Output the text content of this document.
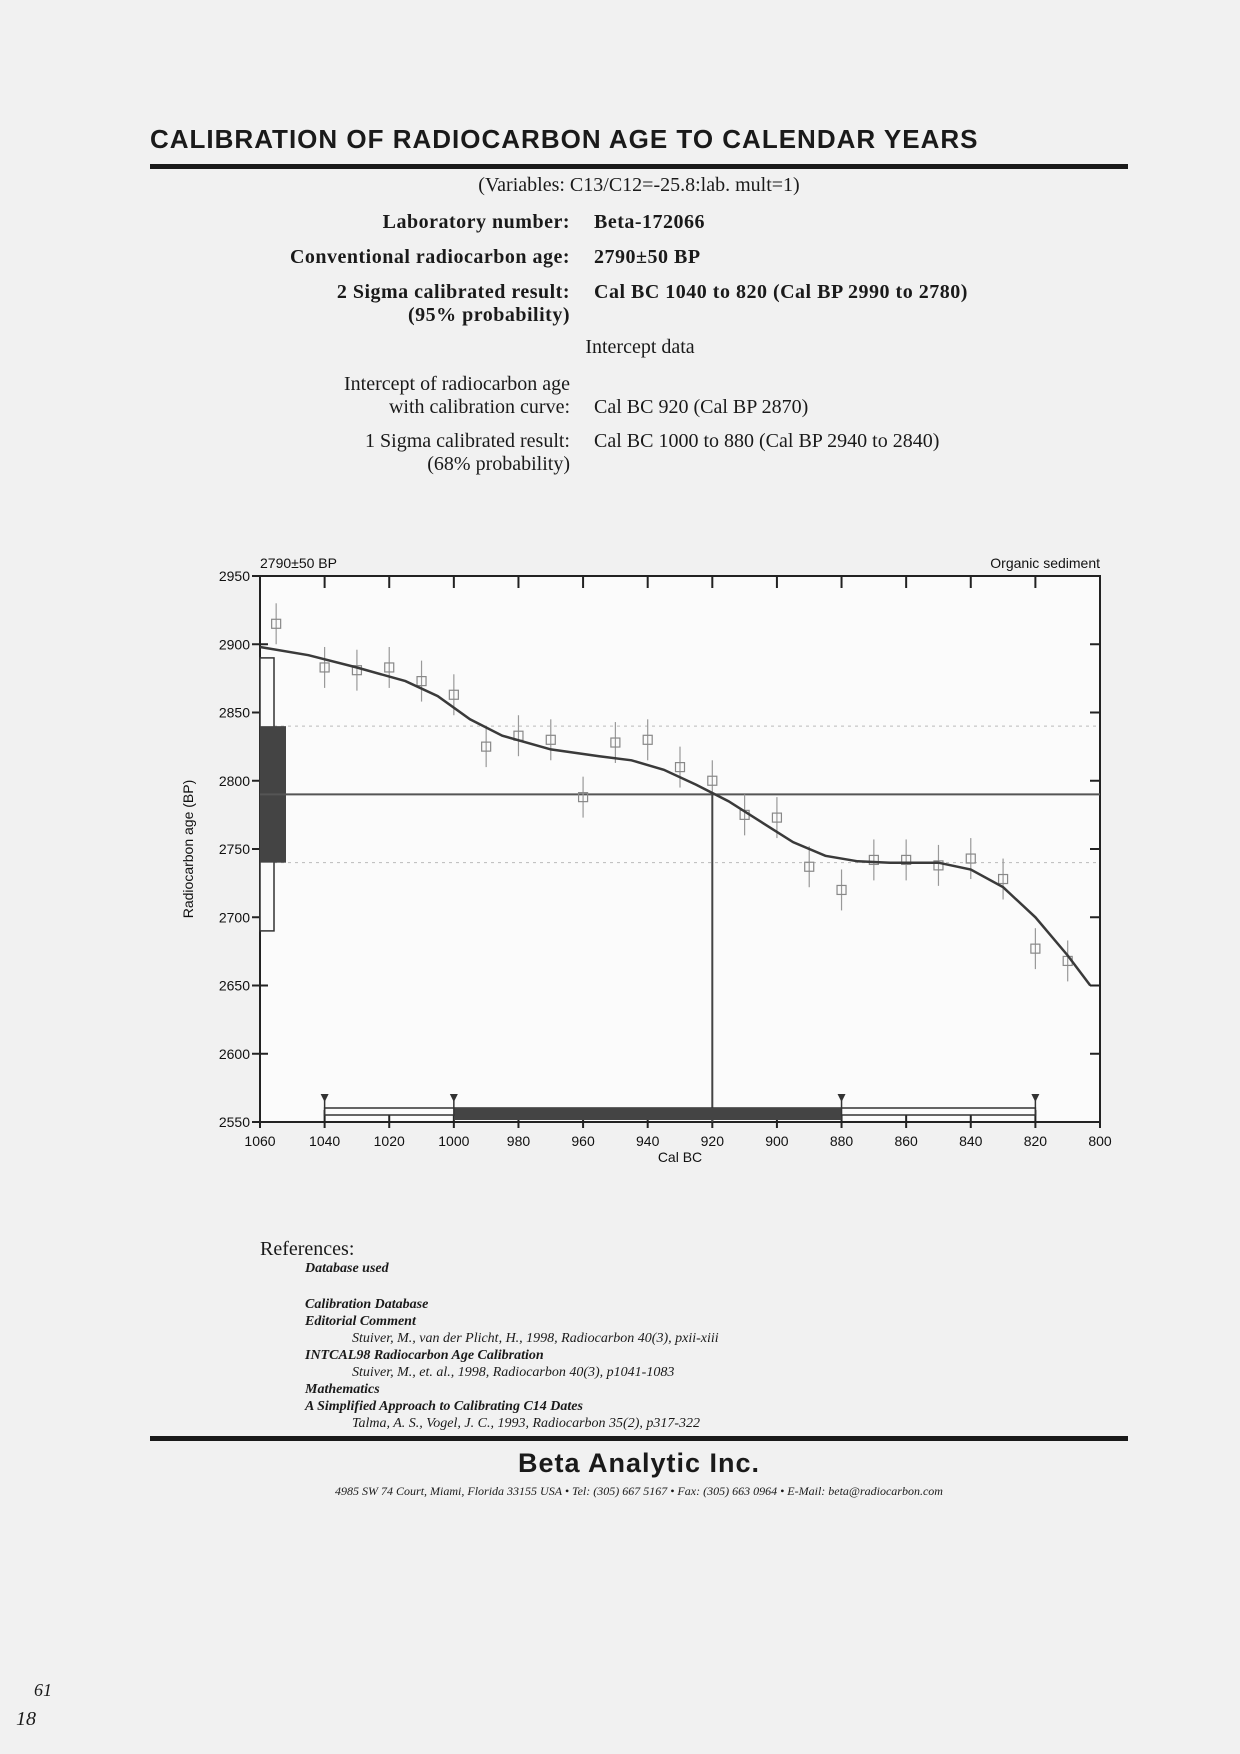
CALIBRATION OF RADIOCARBON AGE TO CALENDAR YEARS
(Variables: C13/C12=-25.8:lab. mult=1)
Laboratory number: Beta-172066
Conventional radiocarbon age: 2790±50 BP
2 Sigma calibrated result:
(95% probability)
Cal BC 1040 to 820 (Cal BP 2990 to 2780)
Intercept data
Intercept of radiocarbon age
with calibration curve: Cal BC 920 (Cal BP 2870)
1 Sigma calibrated result:
(68% probability)
Cal BC 1000 to 880 (Cal BP 2940 to 2840)
2950
2900
2850
2800
2750
2700
2650
2600
2550
1060 1040 1020 1000	980	960	940	920	900	880	860	840	820	800
Cal BC
Radiocarbon age (BP)
2790±50 BP	Organic sediment
References:
Database used
Calibration Database
Editorial Comment
Stuiver, M., van der Plicht, H., 1998, Radiocarbon 40(3), pxii-xiii
INTCAL98 Radiocarbon Age Calibration
Stuiver, M., et. al., 1998, Radiocarbon 40(3), p1041-1083
Mathematics
A Simplified Approach to Calibrating C14 Dates
Talma, A. S., Vogel, J. C., 1993, Radiocarbon 35(2), p317-322
Beta Analytic Inc.
4985 SW 74 Court, Miami, Florida 33155 USA • Tel: (305) 667 5167 • Fax: (305) 663 0964 • E-Mail: beta@radiocarbon.com
61
18
